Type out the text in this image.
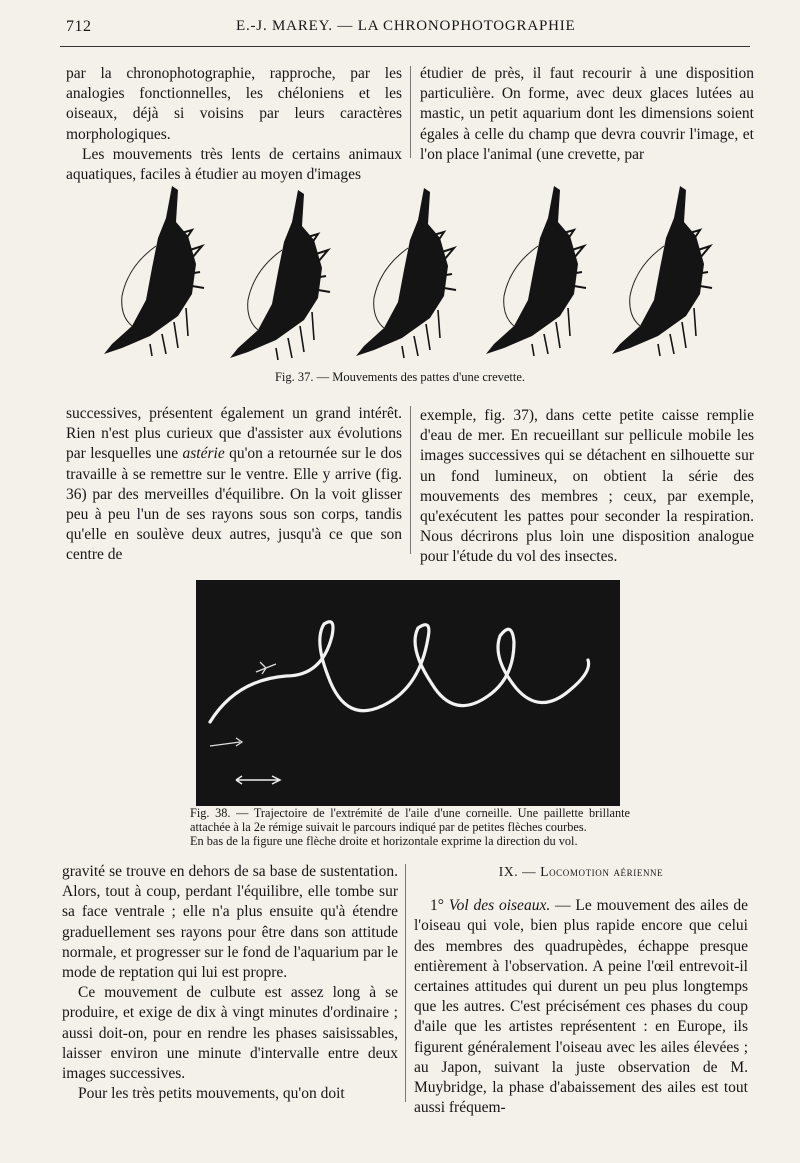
712	E.-J. MAREY. — LA CHRONOPHOTOGRAPHIE

par la chronophotographie, rapproche, par les analogies fonctionnelles, les chéloniens et les oiseaux, déjà si voisins par leurs caractères morphologiques.

Les mouvements très lents de certains animaux aquatiques, faciles à étudier au moyen d'images

étudier de près, il faut recourir à une disposition particulière. On forme, avec deux glaces lutées au mastic, un petit aquarium dont les dimensions soient égales à celle du champ que devra couvrir l'image, et l'on place l'animal (une crevette, par

Fig. 37. — Mouvements des pattes d'une crevette.

successives, présentent également un grand intérêt. Rien n'est plus curieux que d'assister aux évolutions par lesquelles une astérie qu'on a retournée sur le dos travaille à se remettre sur le ventre. Elle y arrive (fig. 36) par des merveilles d'équilibre. On la voit glisser peu à peu l'un de ses rayons sous son corps, tandis qu'elle en soulève deux autres, jusqu'à ce que son centre de

exemple, fig. 37), dans cette petite caisse remplie d'eau de mer. En recueillant sur pellicule mobile les images successives qui se détachent en silhouette sur un fond lumineux, on obtient la série des mouvements des membres ; ceux, par exemple, qu'exécutent les pattes pour seconder la respiration. Nous décrirons plus loin une disposition analogue pour l'étude du vol des insectes.

Fig. 38. — Trajectoire de l'extrémité de l'aile d'une corneille. Une paillette brillante attachée à la 2e rémige suivait le parcours indiqué par de petites flèches courbes.

En bas de la figure une flèche droite et horizontale exprime la direction du vol.

gravité se trouve en dehors de sa base de sustentation. Alors, tout à coup, perdant l'équilibre, elle tombe sur sa face ventrale ; elle n'a plus ensuite qu'à étendre graduellement ses rayons pour être dans son attitude normale, et progresser sur le fond de l'aquarium par le mode de reptation qui lui est propre.

Ce mouvement de culbute est assez long à se produire, et exige de dix à vingt minutes d'ordinaire ; aussi doit-on, pour en rendre les phases saisissables, laisser environ une minute d'intervalle entre deux images successives.

Pour les très petits mouvements, qu'on doit

IX. — Locomotion aérienne

1° Vol des oiseaux. — Le mouvement des ailes de l'oiseau qui vole, bien plus rapide encore que celui des membres des quadrupèdes, échappe presque entièrement à l'observation. A peine l'œil entrevoit-il certaines attitudes qui durent un peu plus longtemps que les autres. C'est précisément ces phases du coup d'aile que les artistes représentent : en Europe, ils figurent généralement l'oiseau avec les ailes élevées ; au Japon, suivant la juste observation de M. Muybridge, la phase d'abaissement des ailes est tout aussi fréquem-
